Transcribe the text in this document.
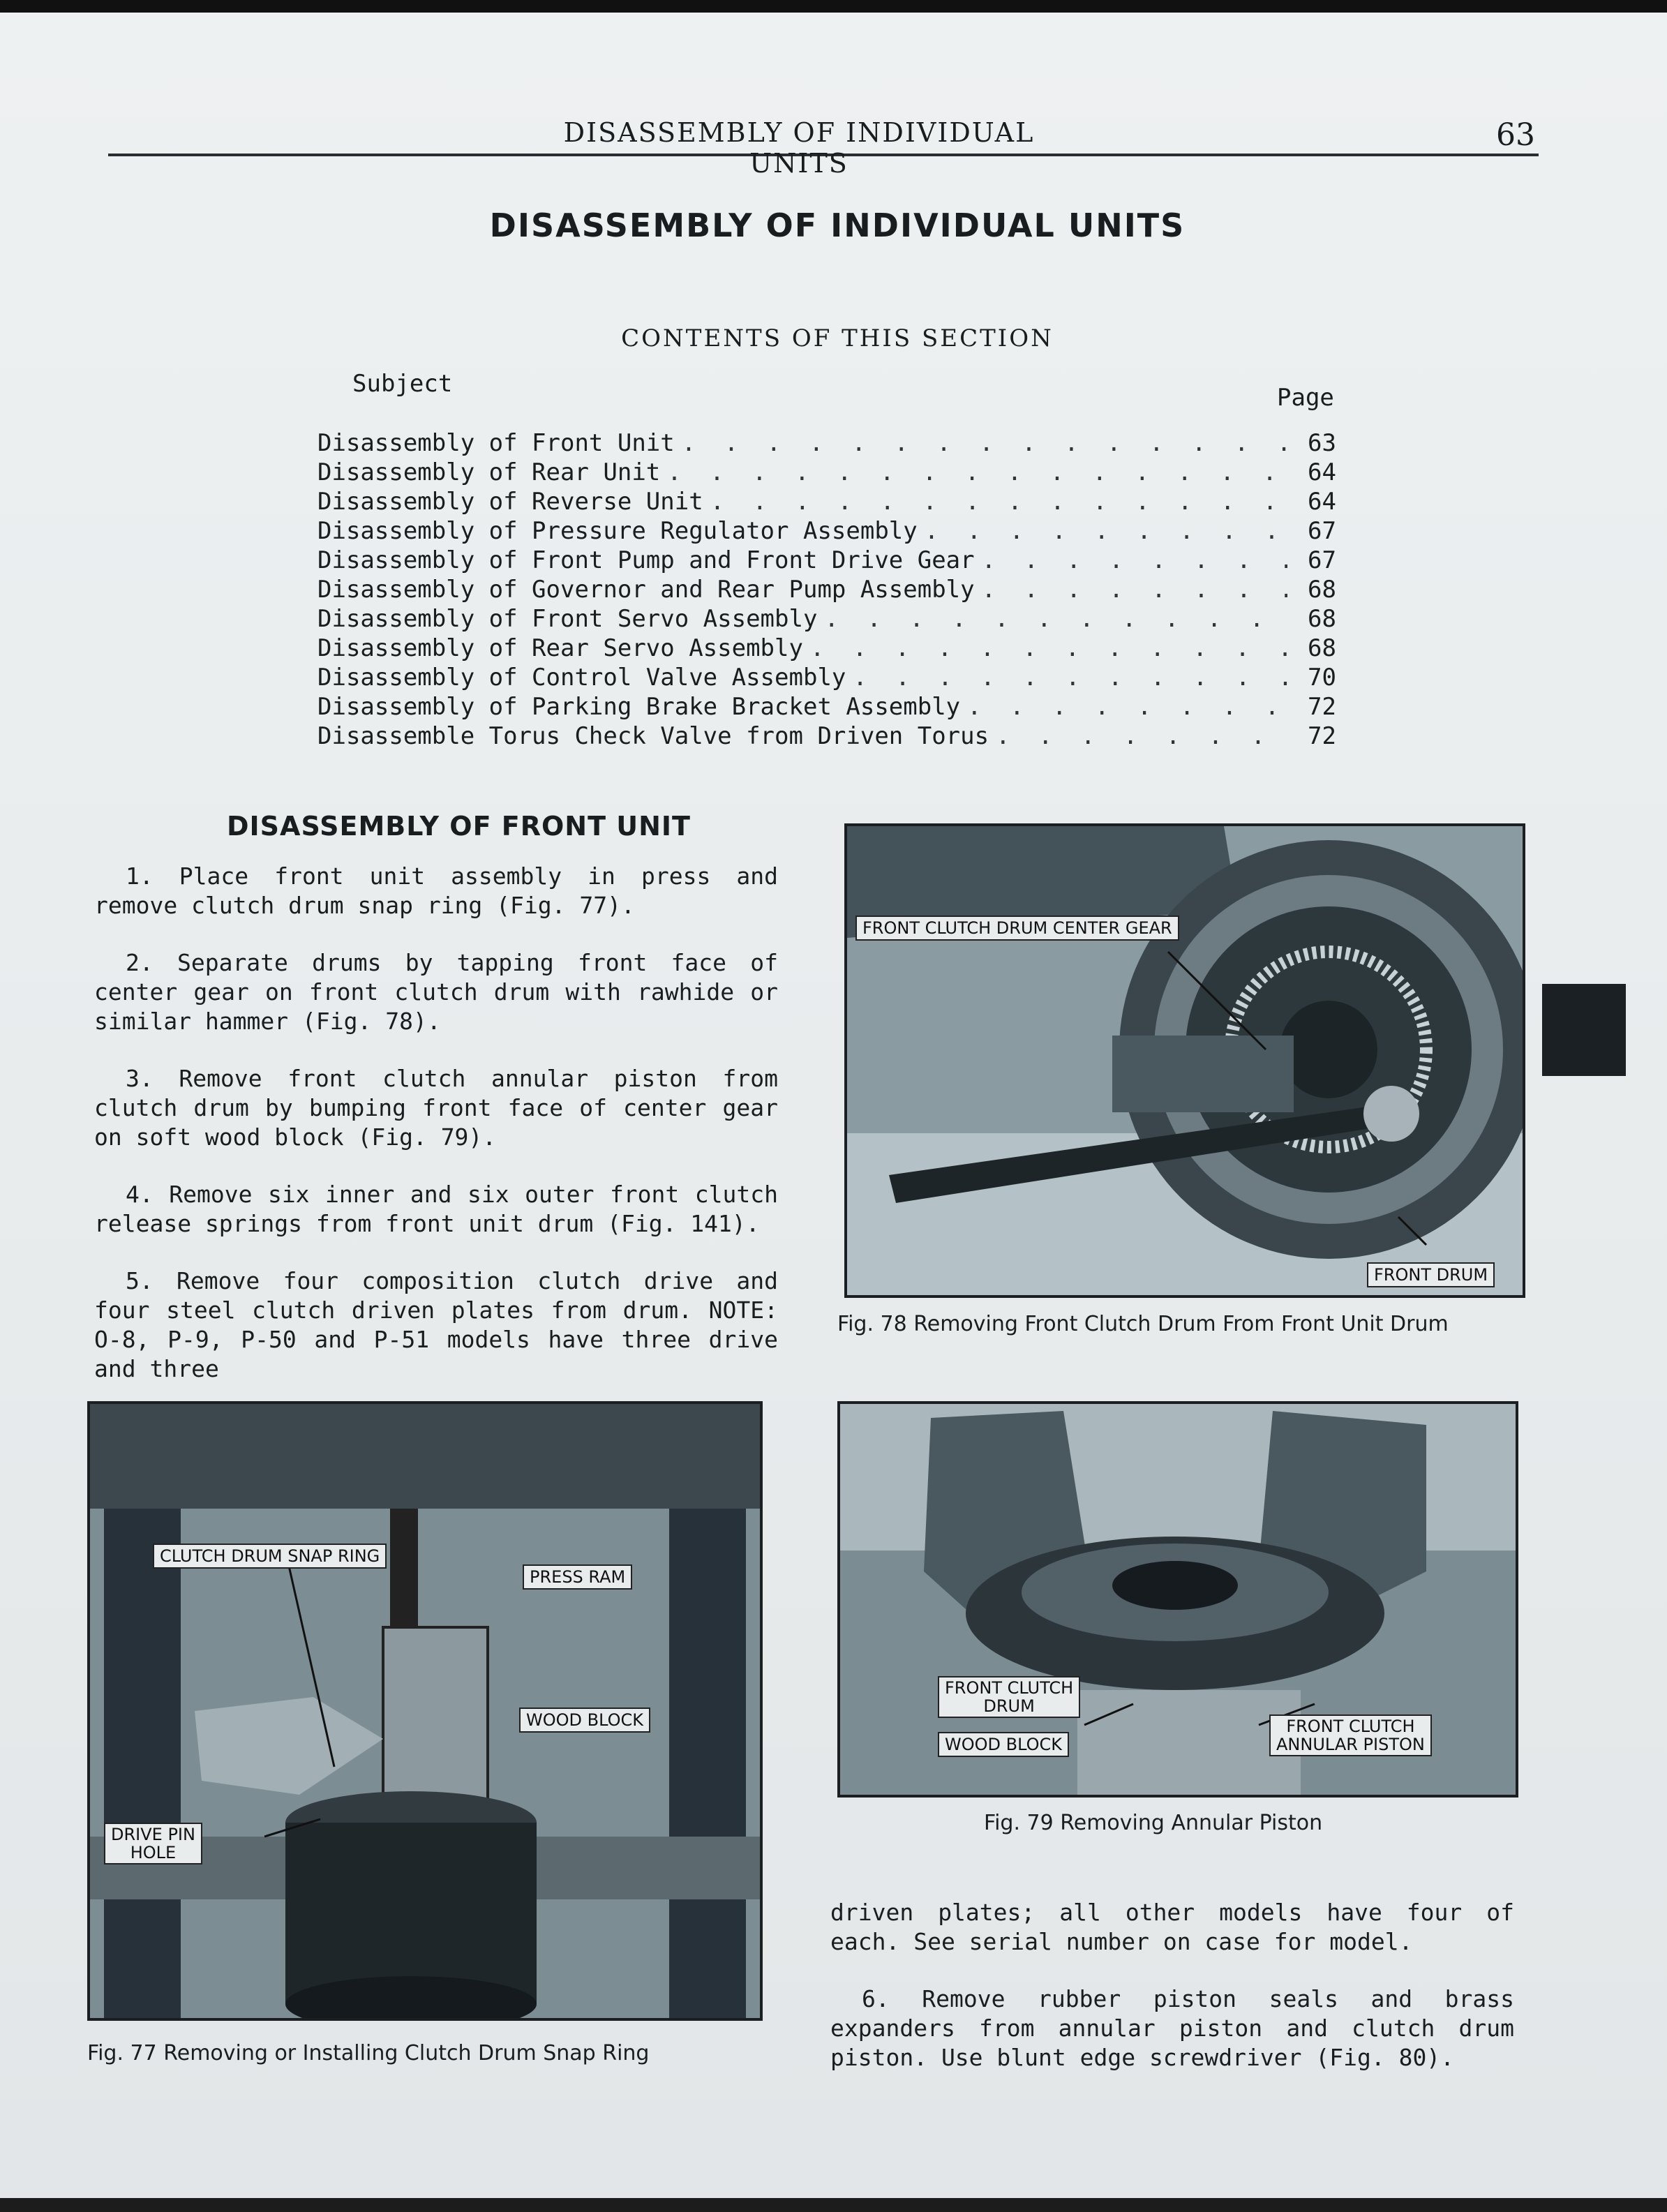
DISASSEMBLY OF INDIVIDUAL UNITS
63
DISASSEMBLY OF INDIVIDUAL UNITS
CONTENTS OF THIS SECTION
Subject	Page
Disassembly of Front Unit . . .	63
Disassembly of Rear Unit . . .	64
Disassembly of Reverse Unit . . .	64
Disassembly of Pressure Regulator Assembly . . .	67
Disassembly of Front Pump and Front Drive Gear . . .	67
Disassembly of Governor and Rear Pump Assembly . . .	68
Disassembly of Front Servo Assembly . . .	68
Disassembly of Rear Servo Assembly . . .	68
Disassembly of Control Valve Assembly . . .	70
Disassembly of Parking Brake Bracket Assembly . . .	72
Disassemble Torus Check Valve from Driven Torus . . .	72
DISASSEMBLY OF FRONT UNIT

1. Place front unit assembly in press and remove clutch drum snap ring (Fig. 77).

2. Separate drums by tapping front face of center gear on front clutch drum with rawhide or similar hammer (Fig. 78).

3. Remove front clutch annular piston from clutch drum by bumping front face of center gear on soft wood block (Fig. 79).

4. Remove six inner and six outer front clutch release springs from front unit drum (Fig. 141).

5. Remove four composition clutch drive and four steel clutch driven plates from drum. NOTE: O-8, P-9, P-50 and P-51 models have three drive and three

FRONT CLUTCH DRUM CENTER GEAR
FRONT DRUM
Fig. 78 Removing Front Clutch Drum From Front Unit Drum
CLUTCH DRUM SNAP RING
PRESS RAM
WOOD BLOCK
DRIVE PIN
HOLE
Fig. 77 Removing or Installing Clutch Drum Snap Ring
FRONT CLUTCH
DRUM
WOOD BLOCK
FRONT CLUTCH
ANNULAR PISTON
Fig. 79 Removing Annular Piston

driven plates; all other models have four of each. See serial number on case for model.

6. Remove rubber piston seals and brass expanders from annular piston and clutch drum piston. Use blunt edge screwdriver (Fig. 80).
